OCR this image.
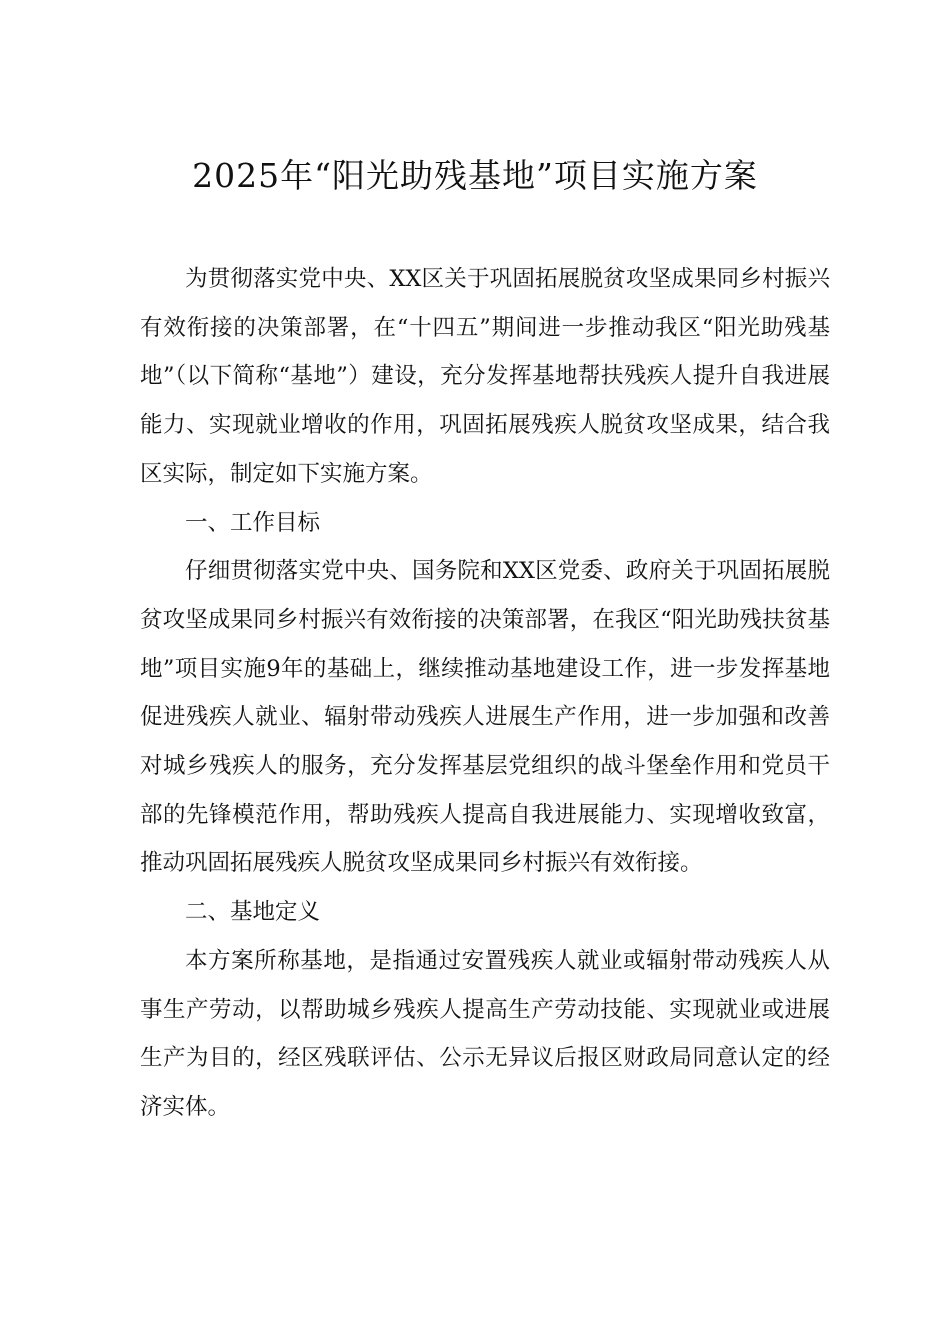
2025年“阳光助残基地”项目实施方案

为贯彻落实党中央、XX区关于巩固拓展脱贫攻坚成果同乡村振兴有效衔接的决策部署，在“十四五”期间进一步推动我区“阳光助残基地”（以下简称“基地”）建设，充分发挥基地帮扶残疾人提升自我进展能力、实现就业增收的作用，巩固拓展残疾人脱贫攻坚成果，结合我区实际，制定如下实施方案。

一、工作目标

仔细贯彻落实党中央、国务院和XX区党委、政府关于巩固拓展脱贫攻坚成果同乡村振兴有效衔接的决策部署，在我区“阳光助残扶贫基地”项目实施9年的基础上，继续推动基地建设工作，进一步发挥基地促进残疾人就业、辐射带动残疾人进展生产作用，进一步加强和改善对城乡残疾人的服务，充分发挥基层党组织的战斗堡垒作用和党员干部的先锋模范作用，帮助残疾人提高自我进展能力、实现增收致富，推动巩固拓展残疾人脱贫攻坚成果同乡村振兴有效衔接。

二、基地定义

本方案所称基地，是指通过安置残疾人就业或辐射带动残疾人从事生产劳动，以帮助城乡残疾人提高生产劳动技能、实现就业或进展生产为目的，经区残联评估、公示无异议后报区财政局同意认定的经济实体。
